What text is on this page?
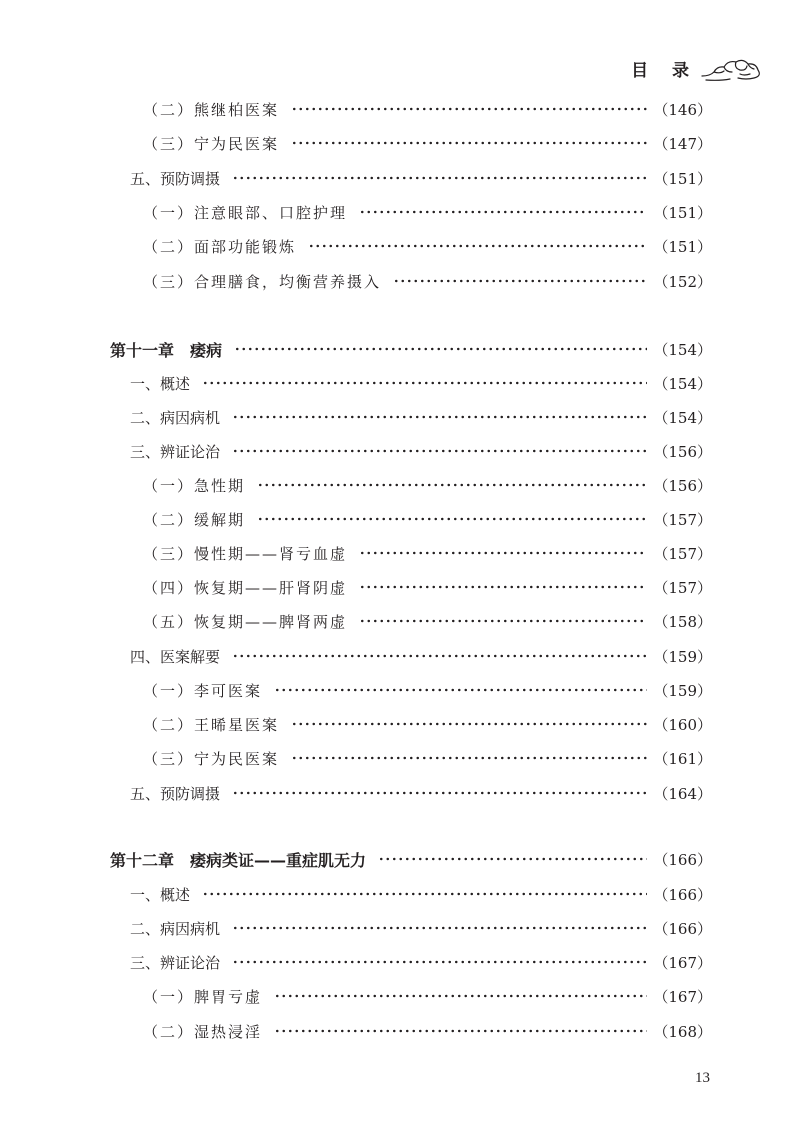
目 录
（二）熊继柏医案	（146）
（三）宁为民医案	（147）
五、预防调摄	（151）
（一）注意眼部、口腔护理	（151）
（二）面部功能锻炼	（151）
（三）合理膳食，均衡营养摄入	（152）
第十一章　痿病	（154）
一、概述	（154）
二、病因病机	（154）
三、辨证论治	（156）
（一）急性期	（156）
（二）缓解期	（157）
（三）慢性期——肾亏血虚	（157）
（四）恢复期——肝肾阴虚	（157）
（五）恢复期——脾肾两虚	（158）
四、医案解要	（159）
（一）李可医案	（159）
（二）王晞星医案	（160）
（三）宁为民医案	（161）
五、预防调摄	（164）
第十二章　痿病类证——重症肌无力	（166）
一、概述	（166）
二、病因病机	（166）
三、辨证论治	（167）
（一）脾胃亏虚	（167）
（二）湿热浸淫	（168）
13
